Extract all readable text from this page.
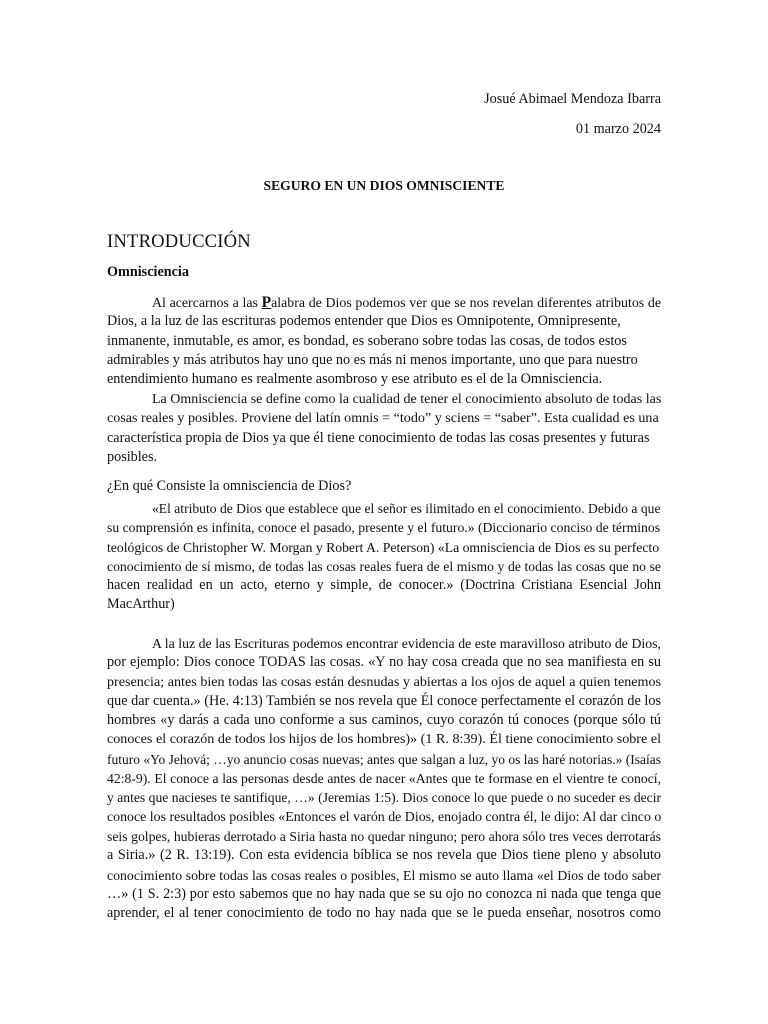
Josué Abimael Mendoza Ibarra
01 marzo 2024
SEGURO EN UN DIOS OMNISCIENTE
INTRODUCCIÓN
Omnisciencia
Al acercarnos a las Palabra de Dios podemos ver que se nos revelan diferentes atributos de
Dios, a la luz de las escrituras podemos entender que Dios es Omnipotente, Omnipresente,
inmanente, inmutable, es amor, es bondad, es soberano sobre todas las cosas, de todos estos
admirables y más atributos hay uno que no es más ni menos importante, uno que para nuestro
entendimiento humano es realmente asombroso y ese atributo es el de la Omnisciencia.
La Omnisciencia se define como la cualidad de tener el conocimiento absoluto de todas las
cosas reales y posibles. Proviene del latín omnis = “todo” y sciens = “saber”. Esta cualidad es una
característica propia de Dios ya que él tiene conocimiento de todas las cosas presentes y futuras
posibles.
¿En qué Consiste la omnisciencia de Dios?
«El atributo de Dios que establece que el señor es ilimitado en el conocimiento. Debido a que
su comprensión es infinita, conoce el pasado, presente y el futuro.» (Diccionario conciso de términos
teológicos de Christopher W. Morgan y Robert A. Peterson) «La omnisciencia de Dios es su perfecto
conocimiento de sí mismo, de todas las cosas reales fuera de el mismo y de todas las cosas que no se
hacen realidad en un acto, eterno y simple, de conocer.» (Doctrina Cristiana Esencial John
MacArthur)
A la luz de las Escrituras podemos encontrar evidencia de este maravilloso atributo de Dios,
por ejemplo: Dios conoce TODAS las cosas. «Y no hay cosa creada que no sea manifiesta en su
presencia; antes bien todas las cosas están desnudas y abiertas a los ojos de aquel a quien tenemos
que dar cuenta.» (He. 4:13) También se nos revela que Él conoce perfectamente el corazón de los
hombres «y darás a cada uno conforme a sus caminos, cuyo corazón tú conoces (porque sólo tú
conoces el corazón de todos los hijos de los hombres)» (1 R. 8:39). Él tiene conocimiento sobre el
futuro «Yo Jehová; …yo anuncio cosas nuevas; antes que salgan a luz, yo os las haré notorias.» (Isaías
42:8-9). El conoce a las personas desde antes de nacer «Antes que te formase en el vientre te conocí,
y antes que nacieses te santifique, …» (Jeremias 1:5). Dios conoce lo que puede o no suceder es decir
conoce los resultados posibles «Entonces el varón de Dios, enojado contra él, le dijo: Al dar cinco o
seis golpes, hubieras derrotado a Siria hasta no quedar ninguno; pero ahora sólo tres veces derrotarás
a Siria.» (2 R. 13:19). Con esta evidencia bíblica se nos revela que Dios tiene pleno y absoluto
conocimiento sobre todas las cosas reales o posibles, El mismo se auto llama «el Dios de todo saber
…» (1 S. 2:3) por esto sabemos que no hay nada que se su ojo no conozca ni nada que tenga que
aprender, el al tener conocimiento de todo no hay nada que se le pueda enseñar, nosotros como
